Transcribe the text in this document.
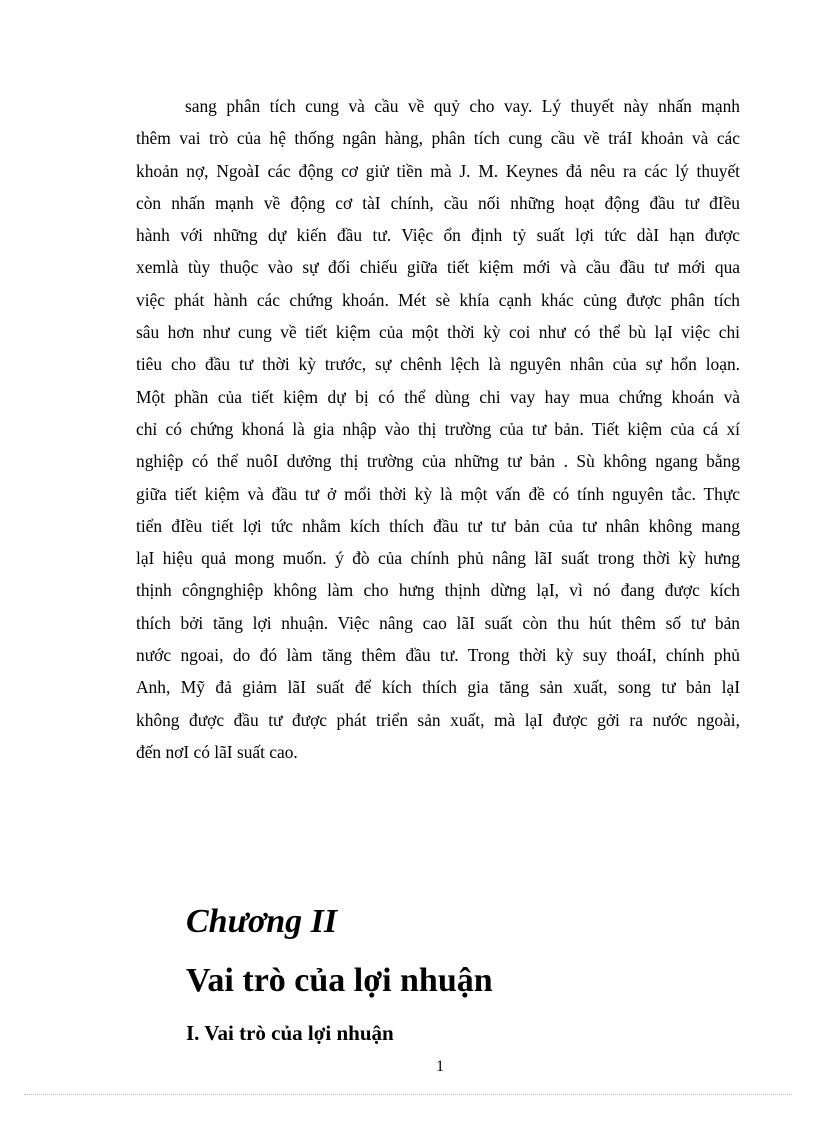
sang phân tích cung và cầu về quỷ cho vay. Lý thuyết này nhấn mạnh
thêm vai trò của hệ thống ngân hàng, phân tích cung cầu về tráI khoản và các
khoản nợ, NgoàI các động cơ giử tiền mà J. M. Keynes đả nêu ra các lý thuyết
còn nhấn mạnh về động cơ tàI chính, cầu nối những hoạt động đầu tư đIều
hành với những dự kiến đầu tư. Việc ổn định tỷ suất lợi tức dàI hạn được
xemlà tùy thuộc vào sự đối chiếu giữa tiết kiệm mới và cầu đầu tư mới qua
việc phát hành các chứng khoán. Mét sè khía cạnh khác củng được phân tích
sâu hơn như cung về tiết kiệm của một thời kỳ coi như có thể bù lạI việc chi
tiêu cho đầu tư thời kỳ trước, sự chênh lệch là nguyên nhân của sự hổn loạn.
Một phần của tiết kiệm dự bị có thể dùng chi vay hay mua chứng khoán và
chỉ có chứng khoná là gia nhập vào thị trường của tư bản. Tiết kiệm của cá xí
nghiệp có thể nuôI dưởng thị trường của những tư bản . Sù không ngang bằng
giữa tiết kiệm và đầu tư ở mổi thời kỳ là một vấn đề có tính nguyên tắc. Thực
tiển đIều tiết lợi tức nhằm kích thích đầu tư tư bản của tư nhân không mang
lạI hiệu quả mong muốn. ý đò của chính phủ nâng lãI suất trong thời kỳ hưng
thịnh côngnghiệp không làm cho hưng thịnh dừng lạI, vì nó đang được kích
thích bởi tăng lợi nhuận. Việc nâng cao lãI suất còn thu hút thêm số tư bản
nước ngoai, do đó làm tăng thêm đầu tư. Trong thời kỳ suy thoáI, chính phủ
Anh, Mỹ đả giảm lãI suất để kích thích gia tăng sản xuất, song tư bản lạI
không được đầu tư được phát triển sản xuất, mà lạI được gởi ra nước ngoài,
đến nơI có lãI suất cao.
Chương II
Vai trò của lợi nhuận
I. Vai trò của lợi nhuận
1
